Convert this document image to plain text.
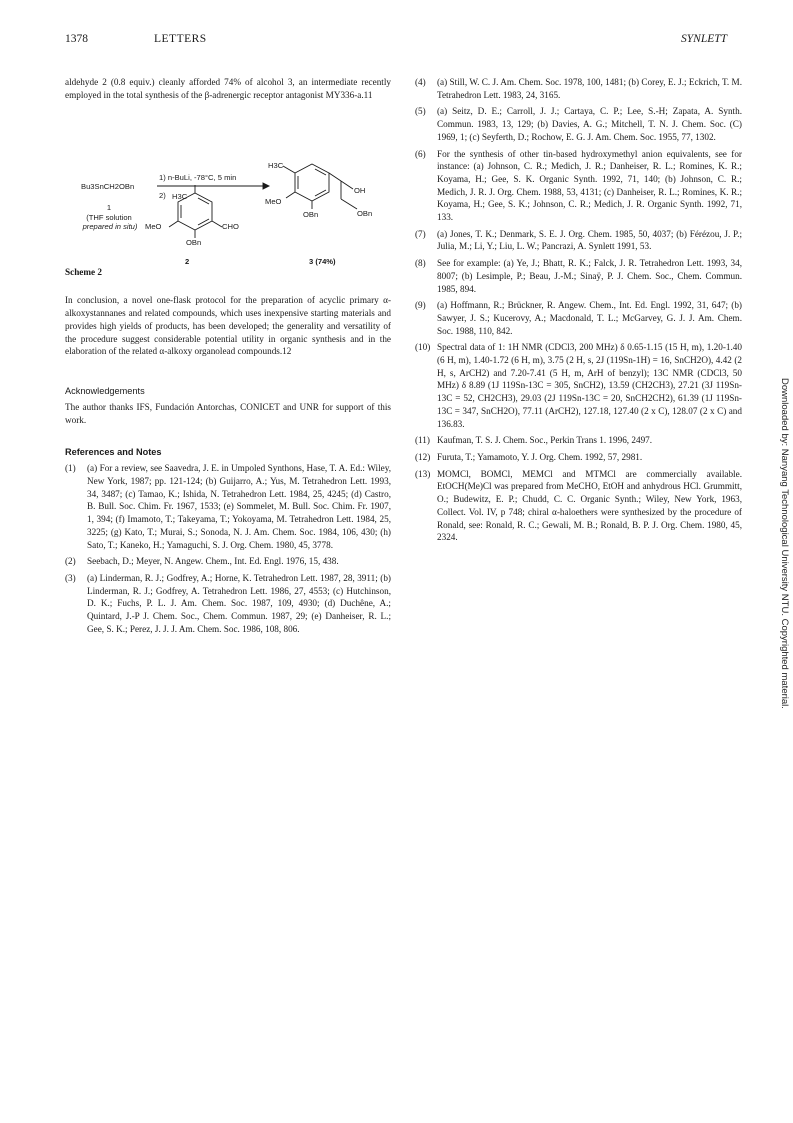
1378	LETTERS	SYNLETT

aldehyde 2 (0.8 equiv.) cleanly afforded 74% of alcohol 3, an intermediate recently employed in the total synthesis of the β-adrenergic receptor antagonist MY336-a.11

Bu3SnCH2OBn
1
(THF solution
prepared in situ)
1) n-BuLi, -78°C, 5 min
2) H3C
MeO	CHO
OBn
2
H3C
MeO
OBn
OH
OBn
3 (74%)
Scheme 2

In conclusion, a novel one-flask protocol for the preparation of acyclic primary α-alkoxystannanes and related compounds, which uses inexpensive starting materials and provides high yields of products, has been developed; the generality and versatility of the procedure suggest considerable potential utility in organic synthesis and in the elaboration of the related α-alkoxy organolead compounds.12

Acknowledgements

The author thanks IFS, Fundación Antorchas, CONICET and UNR for support of this work.

References and Notes

(1) (a) For a review, see Saavedra, J. E. in Umpoled Synthons, Hase, T. A. Ed.: Wiley, New York, 1987; pp. 121-124; (b) Guijarro, A.; Yus, M. Tetrahedron Lett. 1993, 34, 3487; (c) Tamao, K.; Ishida, N. Tetrahedron Lett. 1984, 25, 4245; (d) Castro, B. Bull. Soc. Chim. Fr. 1967, 1533; (e) Sommelet, M. Bull. Soc. Chim. Fr. 1907, 1, 394; (f) Imamoto, T.; Takeyama, T.; Yokoyama, M. Tetrahedron Lett. 1984, 25, 3225; (g) Kato, T.; Murai, S.; Sonoda, N. J. Am. Chem. Soc. 1984, 106, 430; (h) Sato, T.; Kaneko, H.; Yamaguchi, S. J. Org. Chem. 1980, 45, 3778.

(2) Seebach, D.; Meyer, N. Angew. Chem., Int. Ed. Engl. 1976, 15, 438.

(3) (a) Linderman, R. J.; Godfrey, A.; Horne, K. Tetrahedron Lett. 1987, 28, 3911; (b) Linderman, R. J.; Godfrey, A. Tetrahedron Lett. 1986, 27, 4553; (c) Hutchinson, D. K.; Fuchs, P. L. J. Am. Chem. Soc. 1987, 109, 4930; (d) Duchêne, A.; Quintard, J.-P J. Chem. Soc., Chem. Commun. 1987, 29; (e) Danheiser, R. L.; Gee, S. K.; Perez, J. J. J. Am. Chem. Soc. 1986, 108, 806.

(4) (a) Still, W. C. J. Am. Chem. Soc. 1978, 100, 1481; (b) Corey, E. J.; Eckrich, T. M. Tetrahedron Lett. 1983, 24, 3165.

(5) (a) Seitz, D. E.; Carroll, J. J.; Cartaya, C. P.; Lee, S.-H; Zapata, A. Synth. Commun. 1983, 13, 129; (b) Davies, A. G.; Mitchell, T. N. J. Chem. Soc. (C) 1969, 1; (c) Seyferth, D.; Rochow, E. G. J. Am. Chem. Soc. 1955, 77, 1302.

(6) For the synthesis of other tin-based hydroxymethyl anion equivalents, see for instance: (a) Johnson, C. R.; Medich, J. R.; Danheiser, R. L.; Romines, K. R.; Koyama, H.; Gee, S. K. Organic Synth. 1992, 71, 140; (b) Johnson, C. R.; Medich, J. R. J. Org. Chem. 1988, 53, 4131; (c) Danheiser, R. L.; Romines, K. R.; Koyama, H.; Gee, S. K.; Johnson, C. R.; Medich, J. R. Organic Synth. 1992, 71, 133.

(7) (a) Jones, T. K.; Denmark, S. E. J. Org. Chem. 1985, 50, 4037; (b) Férézou, J. P.; Julia, M.; Li, Y.; Liu, L. W.; Pancrazi, A. Synlett 1991, 53.

(8) See for example: (a) Ye, J.; Bhatt, R. K.; Falck, J. R. Tetrahedron Lett. 1993, 34, 8007; (b) Lesimple, P.; Beau, J.-M.; Sinaÿ, P. J. Chem. Soc., Chem. Commun. 1985, 894.

(9) (a) Hoffmann, R.; Brückner, R. Angew. Chem., Int. Ed. Engl. 1992, 31, 647; (b) Sawyer, J. S.; Kucerovy, A.; Macdonald, T. L.; McGarvey, G. J. J. Am. Chem. Soc. 1988, 110, 842.

(10) Spectral data of 1: 1H NMR (CDCl3, 200 MHz) δ 0.65-1.15 (15 H, m), 1.20-1.40 (6 H, m), 1.40-1.72 (6 H, m), 3.75 (2 H, s, 2J (119Sn-1H) = 16, SnCH2O), 4.42 (2 H, s, ArCH2) and 7.20-7.41 (5 H, m, ArH of benzyl); 13C NMR (CDCl3, 50 MHz) δ 8.89 (1J 119Sn-13C = 305, SnCH2), 13.59 (CH2CH3), 27.21 (3J 119Sn-13C = 52, CH2CH3), 29.03 (2J 119Sn-13C = 20, SnCH2CH2), 61.39 (1J 119Sn-13C = 347, SnCH2O), 77.11 (ArCH2), 127.18, 127.40 (2 x C), 128.07 (2 x C) and 136.83.

(11) Kaufman, T. S. J. Chem. Soc., Perkin Trans 1. 1996, 2497.

(12) Furuta, T.; Yamamoto, Y. J. Org. Chem. 1992, 57, 2981.

(13) MOMCl, BOMCl, MEMCl and MTMCl are commercially available. EtOCH(Me)Cl was prepared from MeCHO, EtOH and anhydrous HCl. Grummitt, O.; Budewitz, E. P.; Chudd, C. C. Organic Synth.; Wiley, New York, 1963, Collect. Vol. IV, p 748; chiral α-haloethers were synthesized by the procedure of Ronald, see: Ronald, R. C.; Gewali, M. B.; Ronald, B. P. J. Org. Chem. 1980, 45, 2324.	Downloaded by: Nanyang Technological University NTU. Copyrighted material.
